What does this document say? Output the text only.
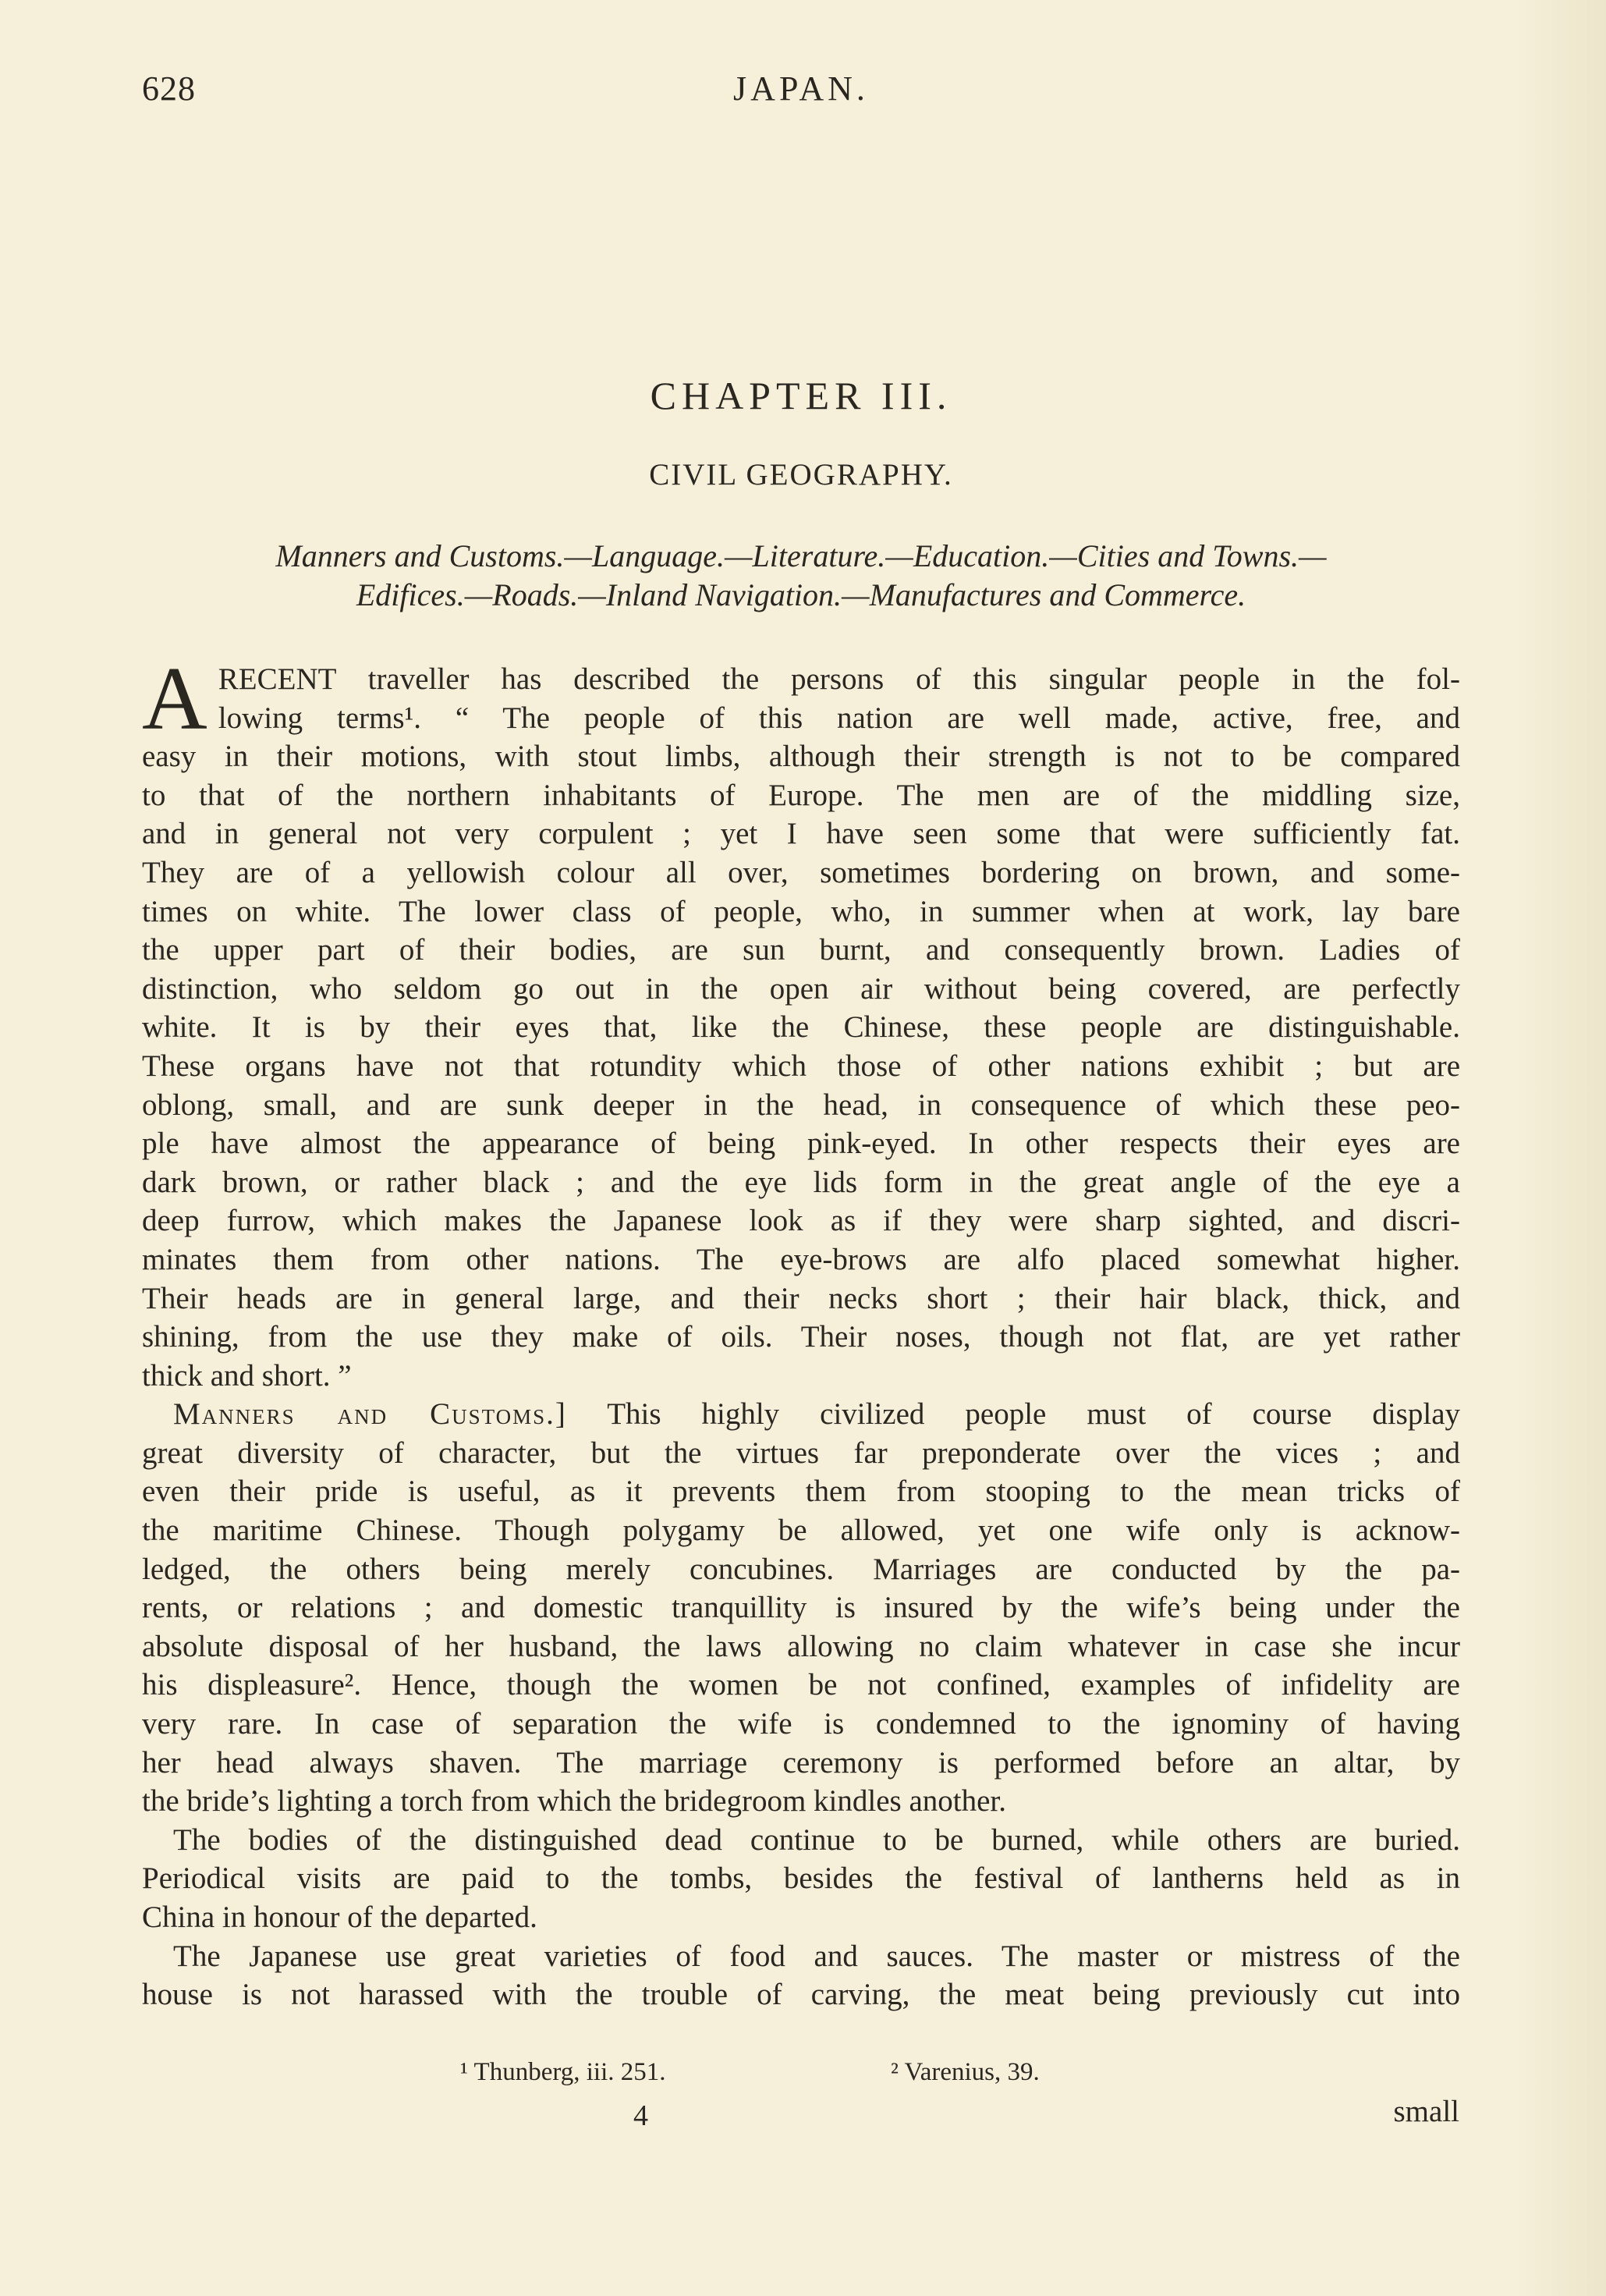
628	JAPAN.
CHAPTER III.
CIVIL GEOGRAPHY.
Manners and Customs.—Language.—Literature.—Education.—Cities and Towns.—
Edifices.—Roads.—Inland Navigation.—Manufactures and Commerce.
A RECENT traveller has described the persons of this singular people in the fol-
lowing terms¹. “ The people of this nation are well made, active, free, and
easy in their motions, with stout limbs, although their strength is not to be compared
to that of the northern inhabitants of Europe. The men are of the middling size,
and in general not very corpulent ; yet I have seen some that were sufficiently fat.
They are of a yellowish colour all over, sometimes bordering on brown, and some-
times on white. The lower class of people, who, in summer when at work, lay bare
the upper part of their bodies, are sun burnt, and consequently brown. Ladies of
distinction, who seldom go out in the open air without being covered, are perfectly
white. It is by their eyes that, like the Chinese, these people are distinguishable.
These organs have not that rotundity which those of other nations exhibit ; but are
oblong, small, and are sunk deeper in the head, in consequence of which these peo-
ple have almost the appearance of being pink-eyed. In other respects their eyes are
dark brown, or rather black ; and the eye lids form in the great angle of the eye a
deep furrow, which makes the Japanese look as if they were sharp sighted, and discri-
minates them from other nations. The eye-brows are alfo placed somewhat higher.
Their heads are in general large, and their necks short ; their hair black, thick, and
shining, from the use they make of oils. Their noses, though not flat, are yet rather
thick and short. ”
Manners and Customs.] This highly civilized people must of course display
great diversity of character, but the virtues far preponderate over the vices ; and
even their pride is useful, as it prevents them from stooping to the mean tricks of
the maritime Chinese. Though polygamy be allowed, yet one wife only is acknow-
ledged, the others being merely concubines. Marriages are conducted by the pa-
rents, or relations ; and domestic tranquillity is insured by the wife’s being under the
absolute disposal of her husband, the laws allowing no claim whatever in case she incur
his displeasure². Hence, though the women be not confined, examples of infidelity are
very rare. In case of separation the wife is condemned to the ignominy of having
her head always shaven. The marriage ceremony is performed before an altar, by
the bride’s lighting a torch from which the bridegroom kindles another.
The bodies of the distinguished dead continue to be burned, while others are buried.
Periodical visits are paid to the tombs, besides the festival of lantherns held as in
China in honour of the departed.
The Japanese use great varieties of food and sauces. The master or mistress of the
house is not harassed with the trouble of carving, the meat being previously cut into
¹ Thunberg, iii. 251.	² Varenius, 39.
4	small
